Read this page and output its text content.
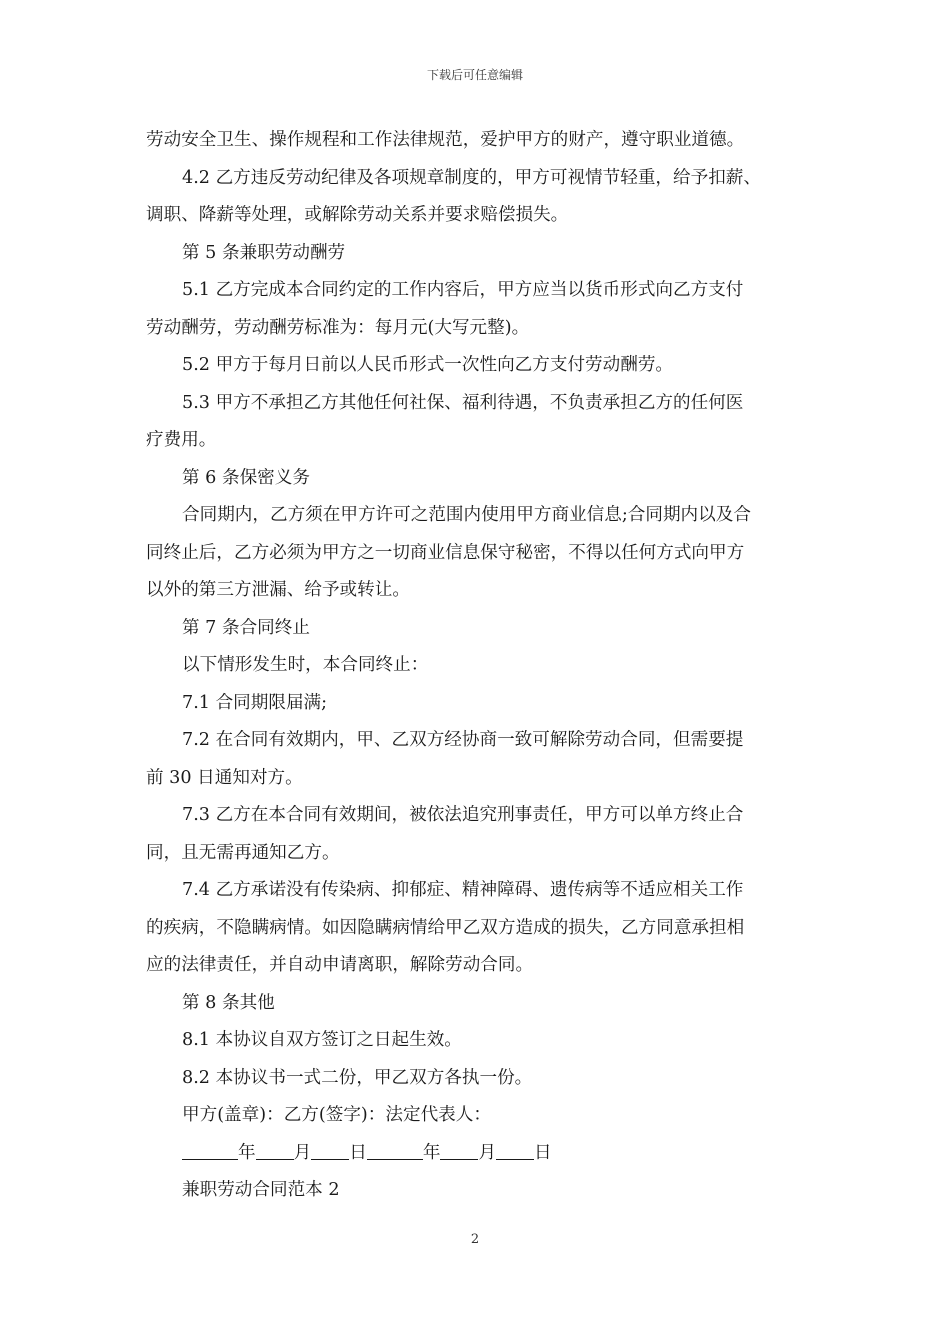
下载后可任意编辑
劳动安全卫生、操作规程和工作法律规范，爱护甲方的财产，遵守职业道德。
4.2 乙方违反劳动纪律及各项规章制度的，甲方可视情节轻重，给予扣薪、
调职、降薪等处理，或解除劳动关系并要求赔偿损失。
第 5 条兼职劳动酬劳
5.1 乙方完成本合同约定的工作内容后，甲方应当以货币形式向乙方支付
劳动酬劳，劳动酬劳标准为：每月元(大写元整)。
5.2 甲方于每月日前以人民币形式一次性向乙方支付劳动酬劳。
5.3 甲方不承担乙方其他任何社保、福利待遇，不负责承担乙方的任何医
疗费用。
第 6 条保密义务
合同期内，乙方须在甲方许可之范围内使用甲方商业信息;合同期内以及合
同终止后，乙方必须为甲方之一切商业信息保守秘密，不得以任何方式向甲方
以外的第三方泄漏、给予或转让。
第 7 条合同终止
以下情形发生时，本合同终止：
7.1 合同期限届满;
7.2 在合同有效期内，甲、乙双方经协商一致可解除劳动合同，但需要提
前 30 日通知对方。
7.3 乙方在本合同有效期间，被依法追究刑事责任，甲方可以单方终止合
同，且无需再通知乙方。
7.4 乙方承诺没有传染病、抑郁症、精神障碍、遗传病等不适应相关工作
的疾病，不隐瞒病情。如因隐瞒病情给甲乙双方造成的损失，乙方同意承担相
应的法律责任，并自动申请离职，解除劳动合同。
第 8 条其他
8.1 本协议自双方签订之日起生效。
8.2 本协议书一式二份，甲乙双方各执一份。
甲方(盖章)：乙方(签字)：法定代表人：
年 月 日	年 月 日
兼职劳动合同范本 2
2
